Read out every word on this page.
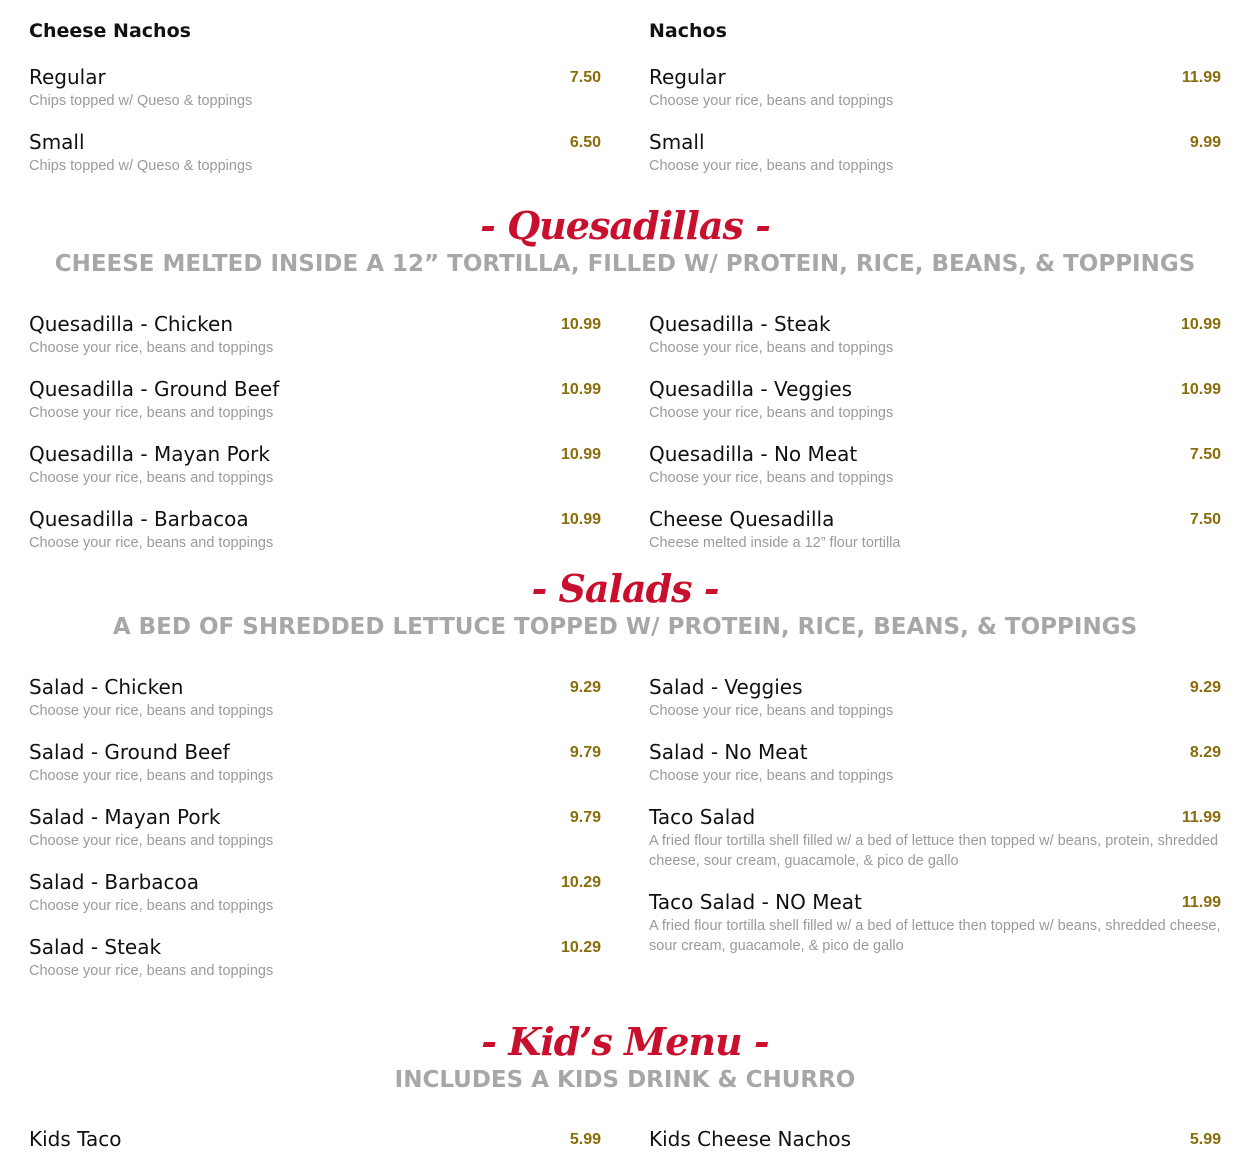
Cheese Nachos
Regular	7.50
Chips topped w/ Queso & toppings
Small	6.50
Chips topped w/ Queso & toppings
Nachos
Regular	11.99
Choose your rice, beans and toppings
Small	9.99
Choose your rice, beans and toppings
- Quesadillas -
CHEESE MELTED INSIDE A 12” TORTILLA, FILLED W/ PROTEIN, RICE, BEANS, & TOPPINGS
Quesadilla - Chicken	10.99
Choose your rice, beans and toppings
Quesadilla - Ground Beef	10.99
Choose your rice, beans and toppings
Quesadilla - Mayan Pork	10.99
Choose your rice, beans and toppings
Quesadilla - Barbacoa	10.99
Choose your rice, beans and toppings
Quesadilla - Steak	10.99
Choose your rice, beans and toppings
Quesadilla - Veggies	10.99
Choose your rice, beans and toppings
Quesadilla - No Meat	7.50
Choose your rice, beans and toppings
Cheese Quesadilla	7.50
Cheese melted inside a 12” flour tortilla
- Salads -
A BED OF SHREDDED LETTUCE TOPPED W/ PROTEIN, RICE, BEANS, & TOPPINGS
Salad - Chicken	9.29
Choose your rice, beans and toppings
Salad - Ground Beef	9.79
Choose your rice, beans and toppings
Salad - Mayan Pork	9.79
Choose your rice, beans and toppings
Salad - Barbacoa	10.29
Choose your rice, beans and toppings
Salad - Steak	10.29
Choose your rice, beans and toppings
Salad - Veggies	9.29
Choose your rice, beans and toppings
Salad - No Meat	8.29
Choose your rice, beans and toppings
Taco Salad	11.99
A fried flour tortilla shell filled w/ a bed of lettuce then topped w/ beans, protein, shredded cheese, sour cream, guacamole, & pico de gallo
Taco Salad - NO Meat	11.99
A fried flour tortilla shell filled w/ a bed of lettuce then topped w/ beans, shredded cheese, sour cream, guacamole, & pico de gallo
- Kid’s Menu -
INCLUDES A KIDS DRINK & CHURRO
Kids Taco	5.99 Kids Cheese Nachos	5.99
